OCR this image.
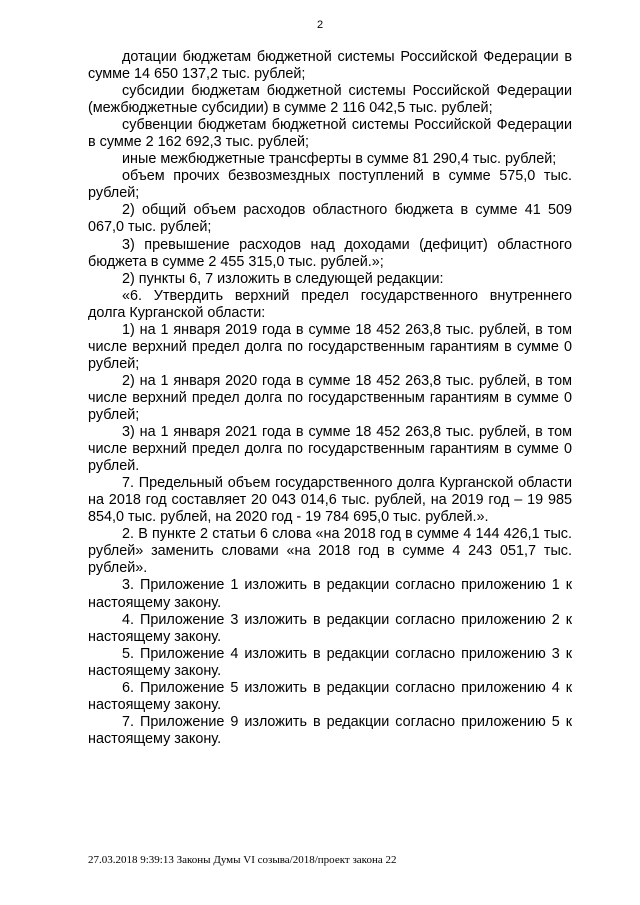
2

дотации бюджетам бюджетной системы Российской Федерации в сумме 14 650 137,2 тыс. рублей;

субсидии бюджетам бюджетной системы Российской Федерации (межбюджетные субсидии) в сумме 2 116 042,5 тыс. рублей;

субвенции бюджетам бюджетной системы Российской Федерации в сумме 2 162 692,3 тыс. рублей;

иные межбюджетные трансферты в сумме 81 290,4 тыс. рублей;

объем прочих безвозмездных поступлений в сумме 575,0 тыс. рублей;

2) общий объем расходов областного бюджета в сумме 41 509 067,0 тыс. рублей;

3) превышение расходов над доходами (дефицит) областного бюджета в сумме 2 455 315,0 тыс. рублей.»;

2) пункты 6, 7 изложить в следующей редакции:

«6. Утвердить верхний предел государственного внутреннего долга Курганской области:

1) на 1 января 2019 года в сумме 18 452 263,8 тыс. рублей, в том числе верхний предел долга по государственным гарантиям в сумме 0 рублей;

2) на 1 января 2020 года в сумме 18 452 263,8 тыс. рублей, в том числе верхний предел долга по государственным гарантиям в сумме 0 рублей;

3) на 1 января 2021 года в сумме 18 452 263,8 тыс. рублей, в том числе верхний предел долга по государственным гарантиям в сумме 0 рублей.

7. Предельный объем государственного долга Курганской области на 2018 год составляет 20 043 014,6 тыс. рублей, на 2019 год – 19 985 854,0 тыс. рублей, на 2020 год - 19 784 695,0 тыс. рублей.».

2. В пункте 2 статьи 6 слова «на 2018 год в сумме 4 144 426,1 тыс. рублей» заменить словами «на 2018 год в сумме 4 243 051,7 тыс. рублей».

3. Приложение 1 изложить в редакции согласно приложению 1 к настоящему закону.

4. Приложение 3 изложить в редакции согласно приложению 2 к настоящему закону.

5. Приложение 4 изложить в редакции согласно приложению 3 к настоящему закону.

6. Приложение 5 изложить в редакции согласно приложению 4 к настоящему закону.

7. Приложение 9 изложить в редакции согласно приложению 5 к настоящему закону.

27.03.2018 9:39:13 Законы Думы VI созыва/2018/проект закона 22
